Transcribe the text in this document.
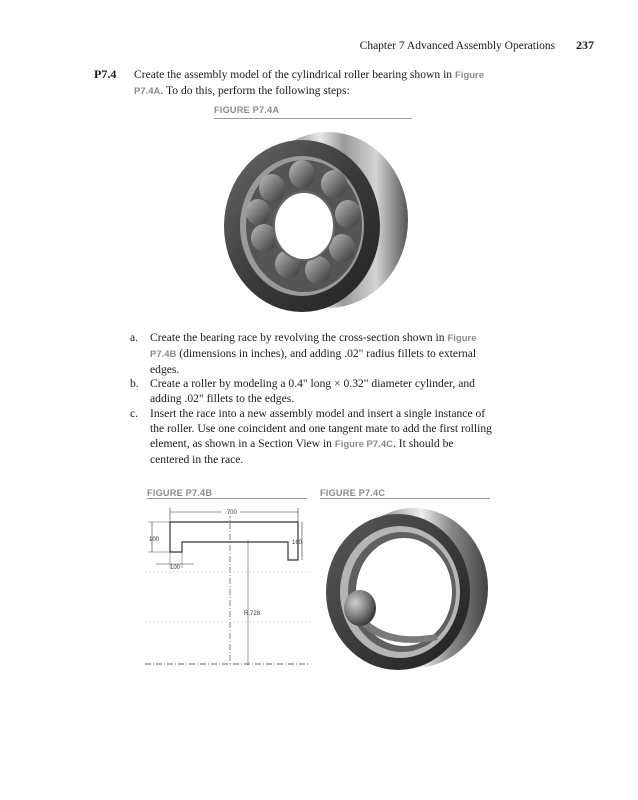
Chapter 7 Advanced Assembly Operations 237
P7.4 Create the assembly model of the cylindrical roller bearing shown in Figure P7.4A. To do this, perform the following steps:
FIGURE P7.4A
a. Create the bearing race by revolving the cross-section shown in Figure P7.4B (dimensions in inches), and adding .02" radius fillets to external edges.
b. Create a roller by modeling a 0.4" long × 0.32" diameter cylinder, and adding .02" fillets to the edges.
c. Insert the race into a new assembly model and insert a single instance of the roller. Use one coincident and one tangent mate to add the first rolling element, as shown in a Section View in Figure P7.4C. It should be centered in the race.
FIGURE P7.4B
.700
100	160
100
R.728
FIGURE P7.4C
